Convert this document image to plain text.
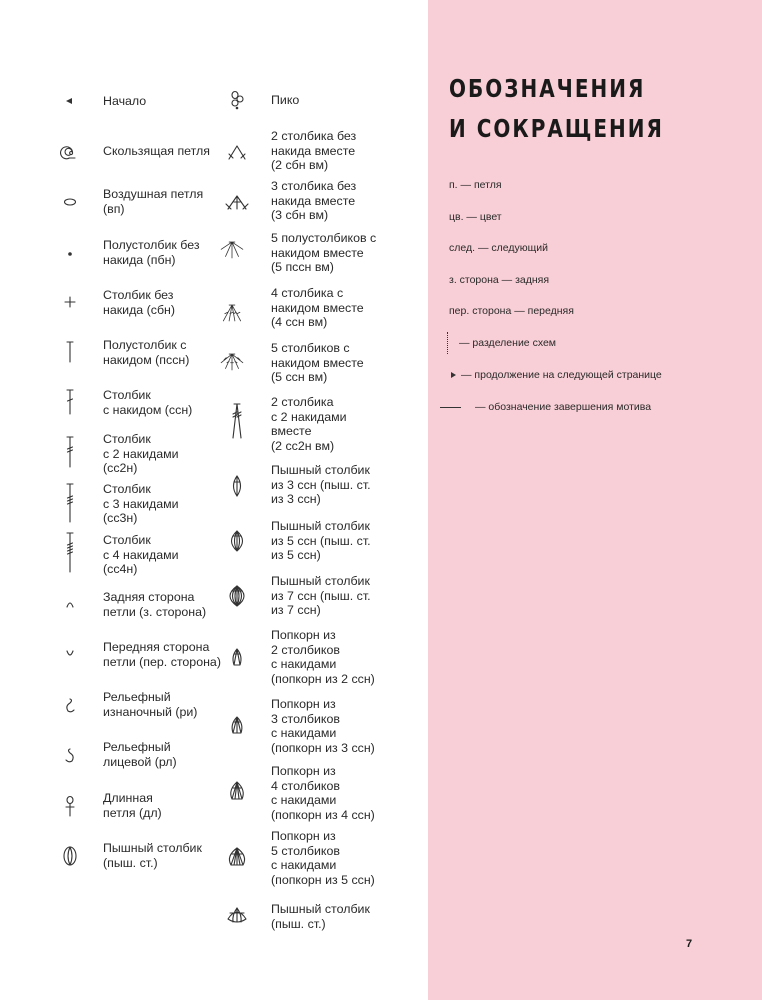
Начало
Скользящая петля
Воздушная петля
(вп)
Полустолбик без
накида (пбн)
Столбик без
накида (сбн)
Полустолбик с
накидом (пссн)
Столбик
с накидом (ссн)
Столбик
с 2 накидами
(сс2н)
Столбик
с 3 накидами
(сс3н)
Столбик
с 4 накидами
(сс4н)
Задняя сторона
петли (з. сторона)
Передняя сторона
петли (пер. сторона)
Рельефный
изнаночный (ри)
Рельефный
лицевой (рл)
Длинная
петля (дл)
Пышный столбик
(пыш. ст.)
Пико
2 столбика без
накида вместе
(2 сбн вм)
3 столбика без
накида вместе
(3 сбн вм)
5 полустолбиков с
накидом вместе
(5 пссн вм)
4 столбика с
накидом вместе
(4 ссн вм)
5 столбиков с
накидом вместе
(5 ссн вм)
2 столбика
с 2 накидами
вместе
(2 сс2н вм)
Пышный столбик
из 3 ссн (пыш. ст.
из 3 ссн)
Пышный столбик
из 5 ссн (пыш. ст.
из 5 ссн)
Пышный столбик
из 7 ссн (пыш. ст.
из 7 ссн)
Попкорн из
2 столбиков
с накидами
(попкорн из 2 ссн)
Попкорн из
3 столбиков
с накидами
(попкорн из 3 ссн)
Попкорн из
4 столбиков
с накидами
(попкорн из 4 ссн)
Попкорн из
5 столбиков
с накидами
(попкорн из 5 ссн)
Пышный столбик
(пыш. ст.)
ОБОЗНАЧЕНИЯ
И СОКРАЩЕНИЯ
п. — петля
цв. — цвет
след. — следующий
з. сторона — задняя
пер. сторона — передняя
— разделение схем
— продолжение на следующей странице
— обозначение завершения мотива
7
